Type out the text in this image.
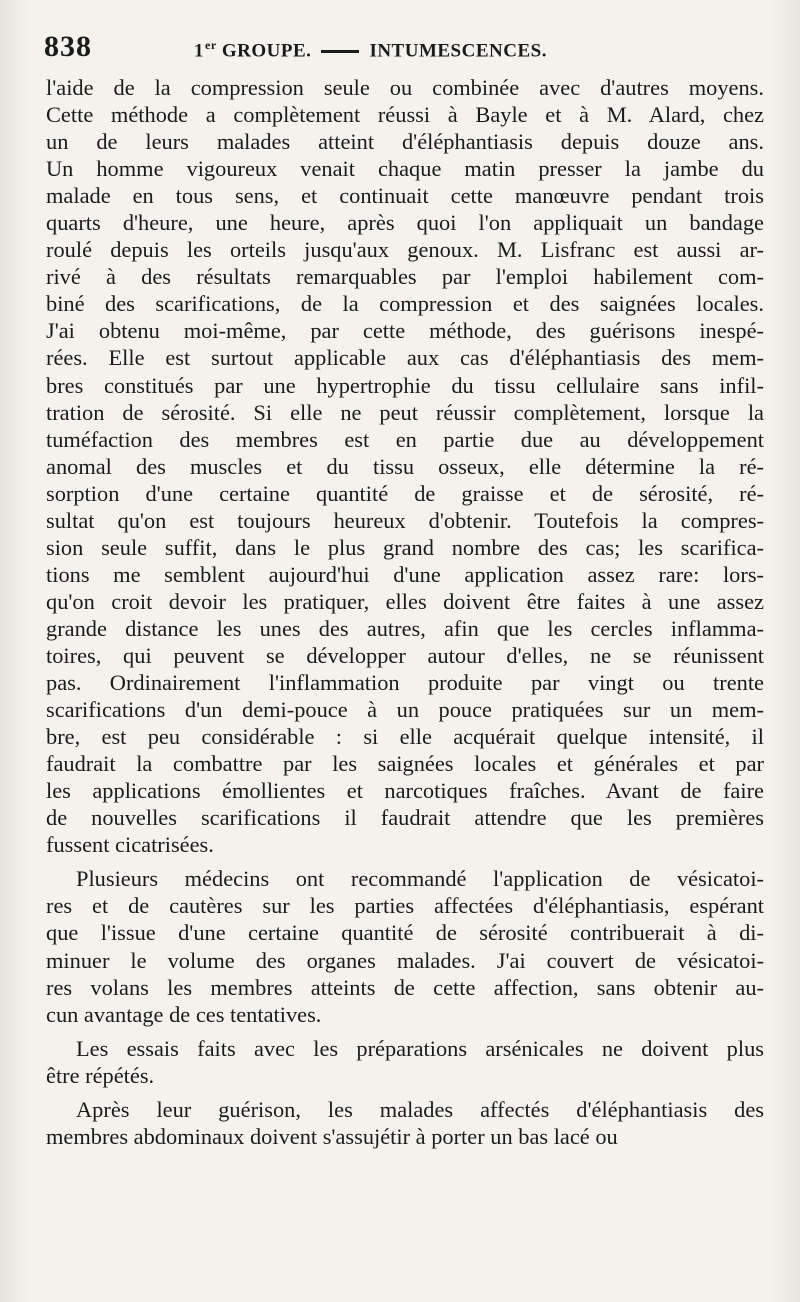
838	1er GROUPE.	INTUMESCENCES.
l'aide de la compression seule ou combinée avec d'autres moyens.
Cette méthode a complètement réussi à Bayle et à M. Alard, chez
un de leurs malades atteint d'éléphantiasis depuis douze ans.
Un homme vigoureux venait chaque matin presser la jambe du
malade en tous sens, et continuait cette manœuvre pendant trois
quarts d'heure, une heure, après quoi l'on appliquait un bandage
roulé depuis les orteils jusqu'aux genoux. M. Lisfranc est aussi ar-
rivé à des résultats remarquables par l'emploi habilement com-
biné des scarifications, de la compression et des saignées locales.
J'ai obtenu moi-même, par cette méthode, des guérisons inespé-
rées. Elle est surtout applicable aux cas d'éléphantiasis des mem-
bres constitués par une hypertrophie du tissu cellulaire sans infil-
tration de sérosité. Si elle ne peut réussir complètement, lorsque la
tuméfaction des membres est en partie due au développement
anomal des muscles et du tissu osseux, elle détermine la ré-
sorption d'une certaine quantité de graisse et de sérosité, ré-
sultat qu'on est toujours heureux d'obtenir. Toutefois la compres-
sion seule suffit, dans le plus grand nombre des cas; les scarifica-
tions me semblent aujourd'hui d'une application assez rare: lors-
qu'on croit devoir les pratiquer, elles doivent être faites à une assez
grande distance les unes des autres, afin que les cercles inflamma-
toires, qui peuvent se développer autour d'elles, ne se réunissent
pas. Ordinairement l'inflammation produite par vingt ou trente
scarifications d'un demi-pouce à un pouce pratiquées sur un mem-
bre, est peu considérable : si elle acquérait quelque intensité, il
faudrait la combattre par les saignées locales et générales et par
les applications émollientes et narcotiques fraîches. Avant de faire
de nouvelles scarifications il faudrait attendre que les premières
fussent cicatrisées.
Plusieurs médecins ont recommandé l'application de vésicatoi-
res et de cautères sur les parties affectées d'éléphantiasis, espérant
que l'issue d'une certaine quantité de sérosité contribuerait à di-
minuer le volume des organes malades. J'ai couvert de vésicatoi-
res volans les membres atteints de cette affection, sans obtenir au-
cun avantage de ces tentatives.
Les essais faits avec les préparations arsénicales ne doivent plus
être répétés.
Après leur guérison, les malades affectés d'éléphantiasis des
membres abdominaux doivent s'assujétir à porter un bas lacé ou
